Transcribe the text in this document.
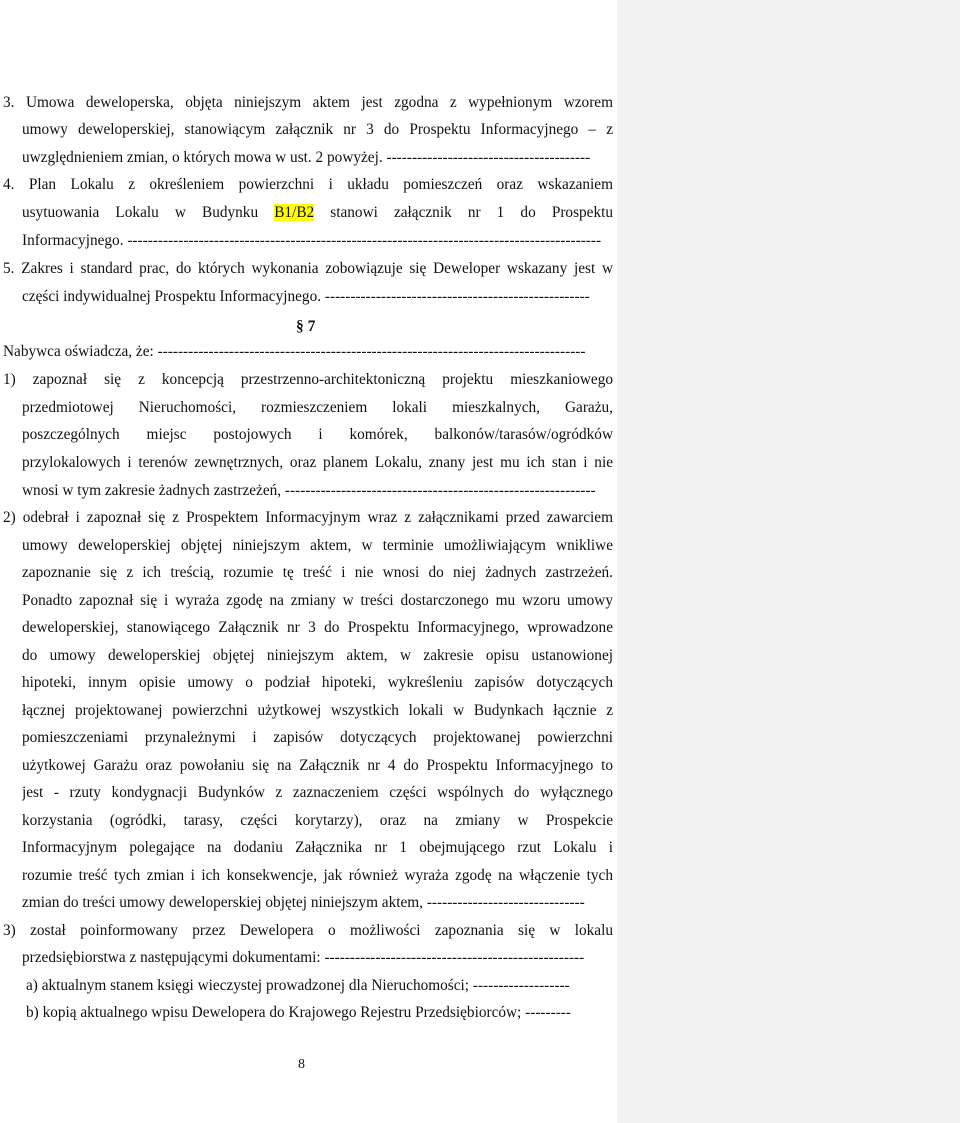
3. Umowa deweloperska, objęta niniejszym aktem jest zgodna z wypełnionym wzorem
umowy deweloperskiej, stanowiącym załącznik nr 3 do Prospektu Informacyjnego – z
uwzględnieniem zmian, o których mowa w ust. 2 powyżej. ----------------------------------------
4. Plan Lokalu z określeniem powierzchni i układu pomieszczeń oraz wskazaniem
usytuowania Lokalu w Budynku B1/B2 stanowi załącznik nr 1 do Prospektu
Informacyjnego. ---------------------------------------------------------------------------------------------
5. Zakres i standard prac, do których wykonania zobowiązuje się Deweloper wskazany jest w
części indywidualnej Prospektu Informacyjnego. ----------------------------------------------------
§ 7
Nabywca oświadcza, że: ------------------------------------------------------------------------------------
1) zapoznał się z koncepcją przestrzenno-architektoniczną projektu mieszkaniowego
przedmiotowej Nieruchomości, rozmieszczeniem lokali mieszkalnych, Garażu,
poszczególnych miejsc postojowych i komórek, balkonów/tarasów/ogródków
przylokalowych i terenów zewnętrznych, oraz planem Lokalu, znany jest mu ich stan i nie
wnosi w tym zakresie żadnych zastrzeżeń, -------------------------------------------------------------
2) odebrał i zapoznał się z Prospektem Informacyjnym wraz z załącznikami przed zawarciem
umowy deweloperskiej objętej niniejszym aktem, w terminie umożliwiającym wnikliwe
zapoznanie się z ich treścią, rozumie tę treść i nie wnosi do niej żadnych zastrzeżeń.
Ponadto zapoznał się i wyraża zgodę na zmiany w treści dostarczonego mu wzoru umowy
deweloperskiej, stanowiącego Załącznik nr 3 do Prospektu Informacyjnego, wprowadzone
do umowy deweloperskiej objętej niniejszym aktem, w zakresie opisu ustanowionej
hipoteki, innym opisie umowy o podział hipoteki, wykreśleniu zapisów dotyczących
łącznej projektowanej powierzchni użytkowej wszystkich lokali w Budynkach łącznie z
pomieszczeniami przynależnymi i zapisów dotyczących projektowanej powierzchni
użytkowej Garażu oraz powołaniu się na Załącznik nr 4 do Prospektu Informacyjnego to
jest - rzuty kondygnacji Budynków z zaznaczeniem części wspólnych do wyłącznego
korzystania (ogródki, tarasy, części korytarzy), oraz na zmiany w Prospekcie
Informacyjnym polegające na dodaniu Załącznika nr 1 obejmującego rzut Lokalu i
rozumie treść tych zmian i ich konsekwencje, jak również wyraża zgodę na włączenie tych
zmian do treści umowy deweloperskiej objętej niniejszym aktem, -------------------------------
3) został poinformowany przez Dewelopera o możliwości zapoznania się w lokalu
przedsiębiorstwa z następującymi dokumentami: ---------------------------------------------------
a) aktualnym stanem księgi wieczystej prowadzonej dla Nieruchomości; -------------------
b) kopią aktualnego wpisu Dewelopera do Krajowego Rejestru Przedsiębiorców; ---------
8
